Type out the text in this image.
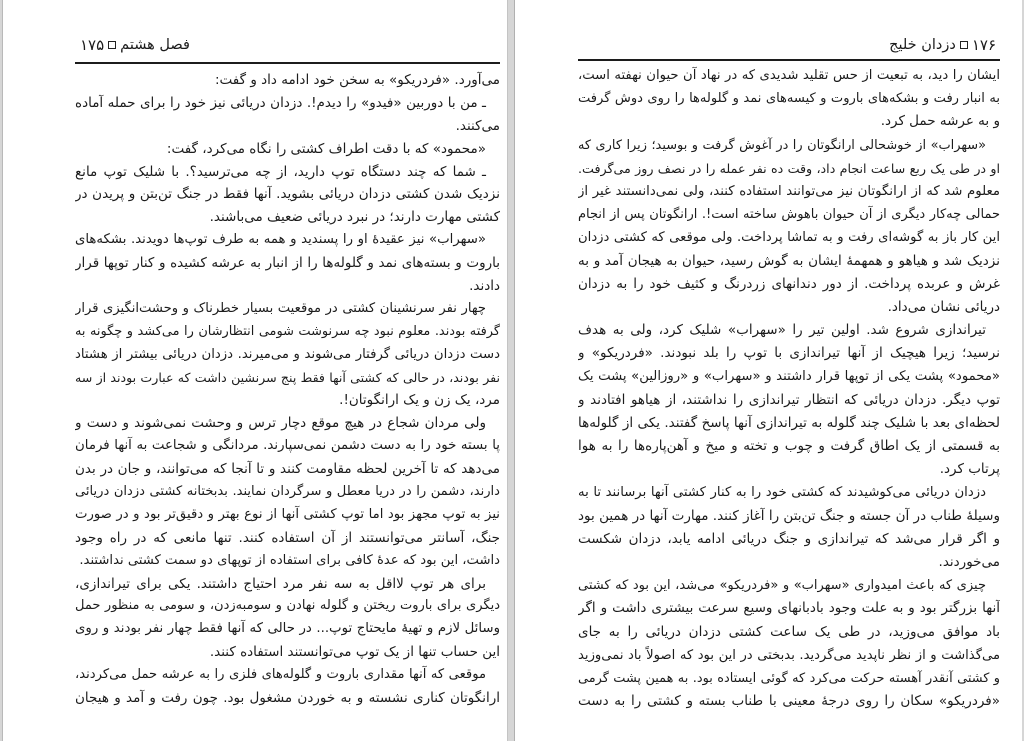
۱۷۵ فصل هشتم
می‌آورد. «فردریکو» به سخن خود ادامه داد و گفت:
ـ من با دوربین «فیدو» را دیدم!. دزدان دریائی نیز خود را برای حمله آماده
می‌کنند.
«محمود» که با دقت اطراف کشتی را نگاه می‌کرد، گفت:
ـ شما که چند دستگاه توپ دارید، از چه می‌ترسید؟. با شلیک توپ مانع
نزدیک شدن کشتی دزدان دریائی بشوید. آنها فقط در جنگ تن‌بتن و پریدن در
کشتی مهارت دارند؛ در نبرد دریائی ضعیف می‌باشند.
«سهراب» نیز عقیدهٔ او را پسندید و همه به طرف توپ‌ها دویدند. بشکه‌های
باروت و بسته‌های نمد و گلوله‌ها را از انبار به عرشه کشیده و کنار توپها قرار
دادند.
چهار نفر سرنشینان کشتی در موقعیت بسیار خطرناک و وحشت‌انگیزی قرار
گرفته بودند. معلوم نبود چه سرنوشت شومی انتظارشان را می‌کشد و چگونه به
دست دزدان دریائی گرفتار می‌شوند و می‌میرند. دزدان دریائی بیشتر از هشتاد
نفر بودند، در حالی که کشتی آنها فقط پنج سرنشین داشت که عبارت بودند از سه
مرد، یک زن و یک ارانگوتان!.
ولی مردان شجاع در هیچ موقع دچار ترس و وحشت نمی‌شوند و دست و
پا بسته خود را به دست دشمن نمی‌سپارند. مردانگی و شجاعت به آنها فرمان
می‌دهد که تا آخرین لحظه مقاومت کنند و تا آنجا که می‌توانند، و جان در بدن
دارند، دشمن را در دریا معطل و سرگردان نمایند. بدبختانه کشتی دزدان دریائی
نیز به توپ مجهز بود اما توپ کشتی آنها از نوع بهتر و دقیق‌تر بود و در صورت
جنگ، آسانتر می‌توانستند از آن استفاده کنند. تنها مانعی که در راه وجود
داشت، این بود که عدهٔ کافی برای استفاده از توپهای دو سمت کشتی نداشتند.
برای هر توپ لااقل به سه نفر مرد احتیاج داشتند. یکی برای تیراندازی،
دیگری برای باروت ریختن و گلوله نهادن و سومبه‌زدن، و سومی به منظور حمل
وسائل لازم و تهیهٔ مایحتاج توپ... در حالی که آنها فقط چهار نفر بودند و روی
این حساب تنها از یک توپ می‌توانستند استفاده کنند.
موقعی که آنها مقداری باروت و گلوله‌های فلزی را به عرشه حمل می‌کردند،
ارانگوتان کناری نشسته و به خوردن مشغول بود. چون رفت و آمد و هیجان
دزدان خلیج ۱۷۶
ایشان را دید، به تبعیت از حس تقلید شدیدی که در نهاد آن حیوان نهفته است،
به انبار رفت و بشکه‌های باروت و کیسه‌های نمد و گلوله‌ها را روی دوش گرفت
و به عرشه حمل کرد.
«سهراب» از خوشحالی ارانگوتان را در آغوش گرفت و بوسید؛ زیرا کاری که
او در طی یک ربع ساعت انجام داد، وقت ده نفر عمله را در نصف روز می‌گرفت.
معلوم شد که از ارانگوتان نیز می‌توانند استفاده کنند، ولی نمی‌دانستند غیر از
حمالی چه‌کار دیگری از آن حیوان باهوش ساخته است!. ارانگوتان پس از انجام
این کار باز به گوشه‌ای رفت و به تماشا پرداخت. ولی موقعی که کشتی دزدان
نزدیک شد و هیاهو و همهمهٔ ایشان به گوش رسید، حیوان به هیجان آمد و به
غرش و عربده پرداخت. از دور دندانهای زردرنگ و کثیف خود را به دزدان
دریائی نشان می‌داد.
تیراندازی شروع شد. اولین تیر را «سهراب» شلیک کرد، ولی به هدف
نرسید؛ زیرا هیچیک از آنها تیراندازی با توپ را بلد نبودند. «فردریکو» و
«محمود» پشت یکی از توپها قرار داشتند و «سهراب» و «روزالین» پشت یک
توپ دیگر. دزدان دریائی که انتظار تیراندازی را نداشتند، از هیاهو افتادند و
لحظه‌ای بعد با شلیک چند گلوله به تیراندازی آنها پاسخ گفتند. یکی از گلوله‌ها
به قسمتی از یک اطاق گرفت و چوب و تخته و میخ و آهن‌پاره‌ها را به هوا
پرتاب کرد.
دزدان دریائی می‌کوشیدند که کشتی خود را به کنار کشتی آنها برسانند تا به
وسیلهٔ طناب در آن جسته و جنگ تن‌بتن را آغاز کنند. مهارت آنها در همین بود
و اگر قرار می‌شد که تیراندازی و جنگ دریائی ادامه یابد، دزدان شکست
می‌خوردند.
چیزی که باعث امیدواری «سهراب» و «فردریکو» می‌شد، این بود که کشتی
آنها بزرگتر بود و به علت وجود بادبانهای وسیع سرعت بیشتری داشت و اگر
باد موافق می‌وزید، در طی یک ساعت کشتی دزدان دریائی را به جای
می‌گذاشت و از نظر ناپدید می‌گردید. بدبختی در این بود که اصولاً باد نمی‌وزید
و کشتی آنقدر آهسته حرکت می‌کرد که گوئی ایستاده بود. به همین پشت گرمی
«فردریکو» سکان را روی درجهٔ معینی با طناب بسته و کشتی را به دست
